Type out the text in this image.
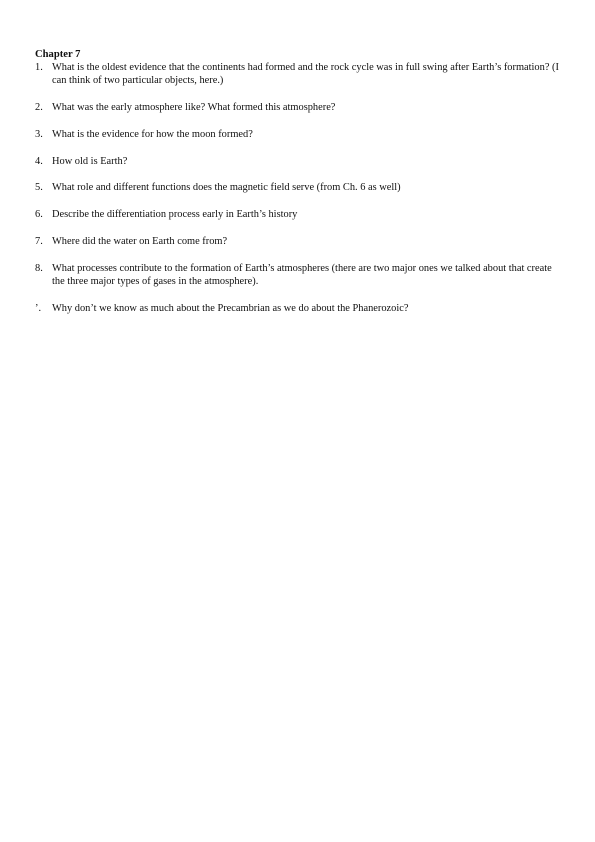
Chapter 7

1. What is the oldest evidence that the continents had formed and the rock cycle was in full swing after Earth’s formation? (I can think of two particular objects, here.)
2. What was the early atmosphere like? What formed this atmosphere?
3. What is the evidence for how the moon formed?
4. How old is Earth?
5. What role and different functions does the magnetic field serve (from Ch. 6 as well)
6. Describe the differentiation process early in Earth’s history
7. Where did the water on Earth come from?
8. What processes contribute to the formation of Earth’s atmospheres (there are two major ones we talked about that create the three major types of gases in the atmosphere).
’.	Why don’t we know as much about the Precambrian as we do about the Phanerozoic?
